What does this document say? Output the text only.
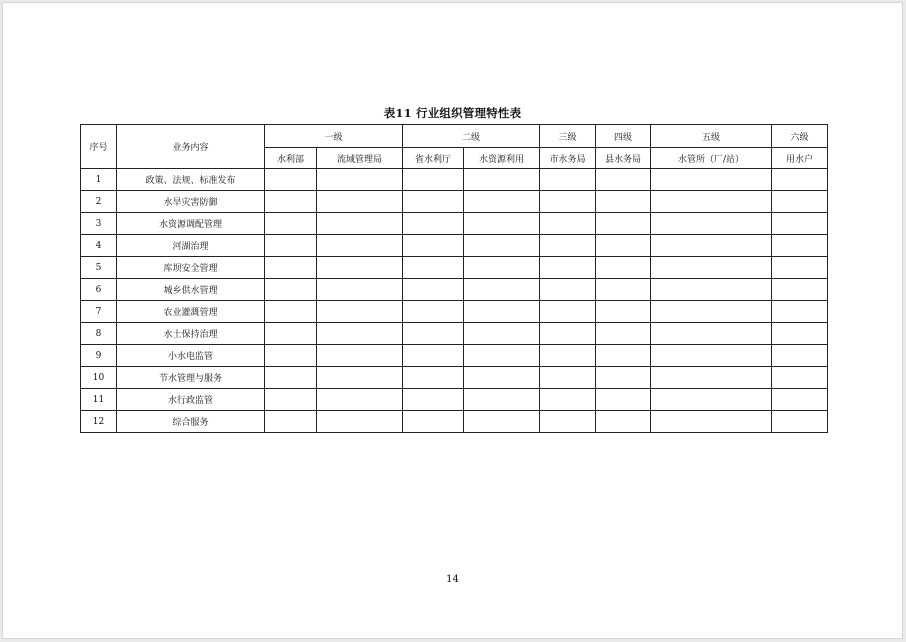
表11 行业组织管理特性表
序号	业务内容	一级		二级		三级	四级	五级	六级
		水利部	流域管理局	省水利厅	水资源利用	市水务局	县水务局	水管所（厂/站）	用水户
1	政策、法规、标准发布								
2	水旱灾害防御								
3	水资源调配管理								
4	河湖治理								
5	库坝安全管理								
6	城乡供水管理								
7	农业灌溉管理								
8	水土保持治理								
9	小水电监管								
10	节水管理与服务								
11	水行政监管								
12	综合服务								
14
